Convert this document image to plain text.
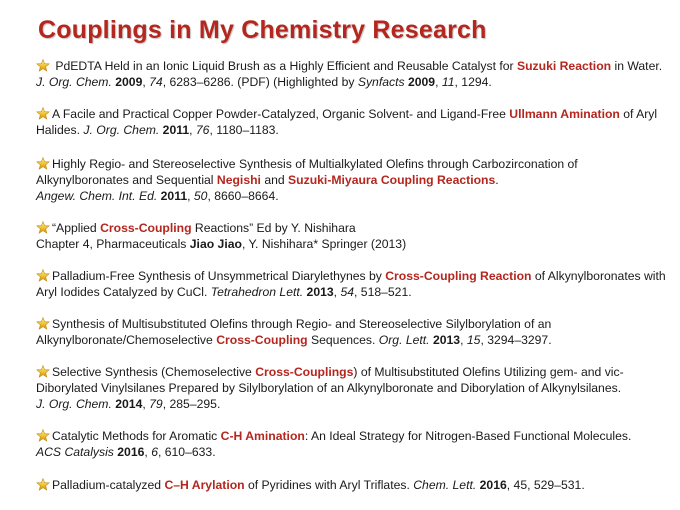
Couplings in My Chemistry Research
PdEDTA Held in an Ionic Liquid Brush as a Highly Efficient and Reusable Catalyst for Suzuki Reaction in Water. J. Org. Chem. 2009, 74, 6283–6286. (PDF) (Highlighted by Synfacts 2009, 11, 1294.
A Facile and Practical Copper Powder-Catalyzed, Organic Solvent- and Ligand-Free Ullmann Amination of Aryl Halides. J. Org. Chem. 2011, 76, 1180–1183.
Highly Regio- and Stereoselective Synthesis of Multialkylated Olefins through Carbozirconation of Alkynylboronates and Sequential Negishi and Suzuki-Miyaura Coupling Reactions.
Angew. Chem. Int. Ed. 2011, 50, 8660–8664.
“Applied Cross-Coupling Reactions” Ed by Y. Nishihara
Chapter 4, Pharmaceuticals Jiao Jiao, Y. Nishihara* Springer (2013)
Palladium-Free Synthesis of Unsymmetrical Diarylethynes by Cross-Coupling Reaction of Alkynylboronates with Aryl Iodides Catalyzed by CuCl. Tetrahedron Lett. 2013, 54, 518–521.
Synthesis of Multisubstituted Olefins through Regio- and Stereoselective Silylborylation of an Alkynylboronate/Chemoselective Cross-Coupling Sequences. Org. Lett. 2013, 15, 3294–3297.
Selective Synthesis (Chemoselective Cross-Couplings) of Multisubstituted Olefins Utilizing gem- and vic-Diborylated Vinylsilanes Prepared by Silylborylation of an Alkynylboronate and Diborylation of Alkynylsilanes.
J. Org. Chem. 2014, 79, 285–295.
Catalytic Methods for Aromatic C-H Amination: An Ideal Strategy for Nitrogen-Based Functional Molecules.
ACS Catalysis 2016, 6, 610–633.
Palladium-catalyzed C–H Arylation of Pyridines with Aryl Triflates. Chem. Lett. 2016, 45, 529–531.
